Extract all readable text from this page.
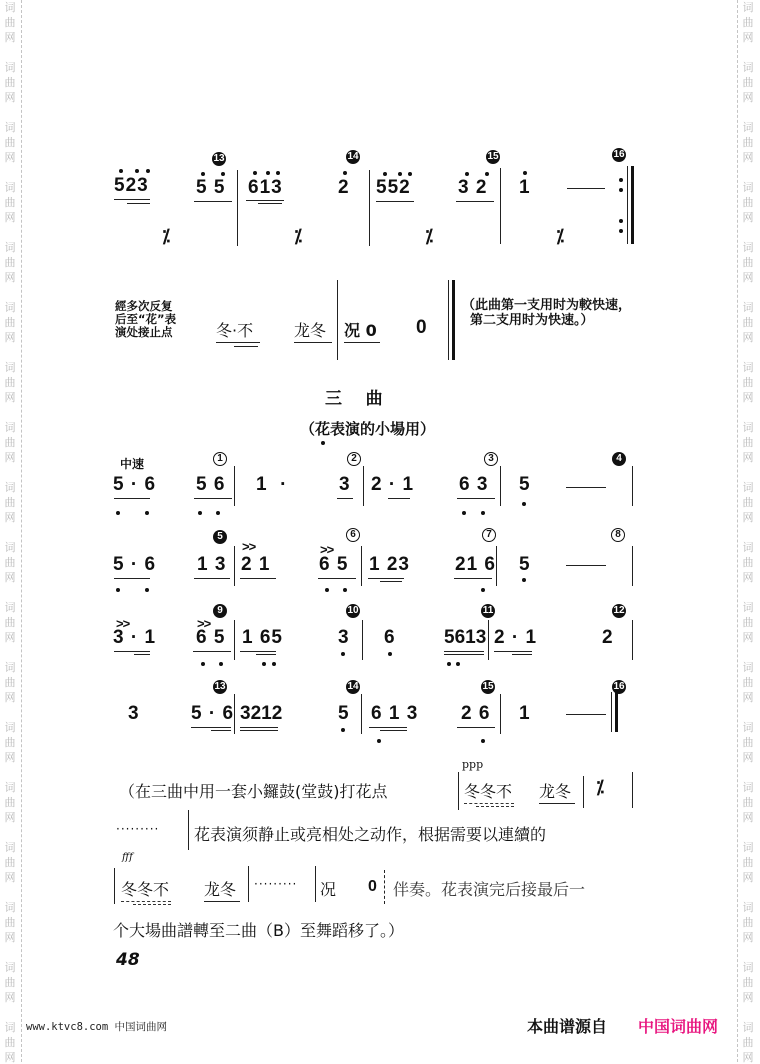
词
曲
网
词
曲
网
词
曲
网
词
曲
网
词
曲
网
词
曲
网
词
曲
网
词
曲
网
词
曲
网
词
曲
网
词
曲
网
词
曲
网
词
曲
网
词
曲
网
词
曲
网
词
曲
网
词
曲
网
词
曲
网
词
曲
网
词
曲
网
词
曲
网
词
曲
网
词
曲
网
词
曲
网
词
曲
网
词
曲
网
词
曲
网
词
曲
网
词
曲
网
词
曲
网
词
曲
网
词
曲
网
词
曲
网
词
曲
网
词
曲
网
词
曲
网
523
13
5 5 613
14
2 552
15
3 2 1
16
⁒	⁒	⁒	⁒
經多次反复
后至“花”表
演处接止点	冬·不	龙冬 况 0 0
（此曲第一支用时为較快速，
第二支用时为快速。）
三    曲
（花表演的小場用）
中速	1	2	3	4
5 · 6 5 6 1  ·	3 2 · 1 6 3 5
5	6	7	8
5 · 6 1 3
>>
2 1
>>
6 5 1 23 21 6 5
9	10	11	12
>>
3 · 1
>>
6 5 1 65	3 6	5613 2 · 1	2
13	14	15	16
3	5 · 6 3212	5 6 1 3 2 6 1
ppp
（在三曲中用一套小鑼鼓(堂鼓)打花点	冬冬不 龙冬 ⁒
········· 花表演须静止或亮相处之动作，根据需要以連續的
fff
冬冬不 龙冬 ········· 况 0 伴奏。花表演完后接最后一
个大場曲譜轉至二曲（B）至舞蹈移了。）
48
www.ktvc8.com 中国词曲网	本曲谱源自 中国词曲网
